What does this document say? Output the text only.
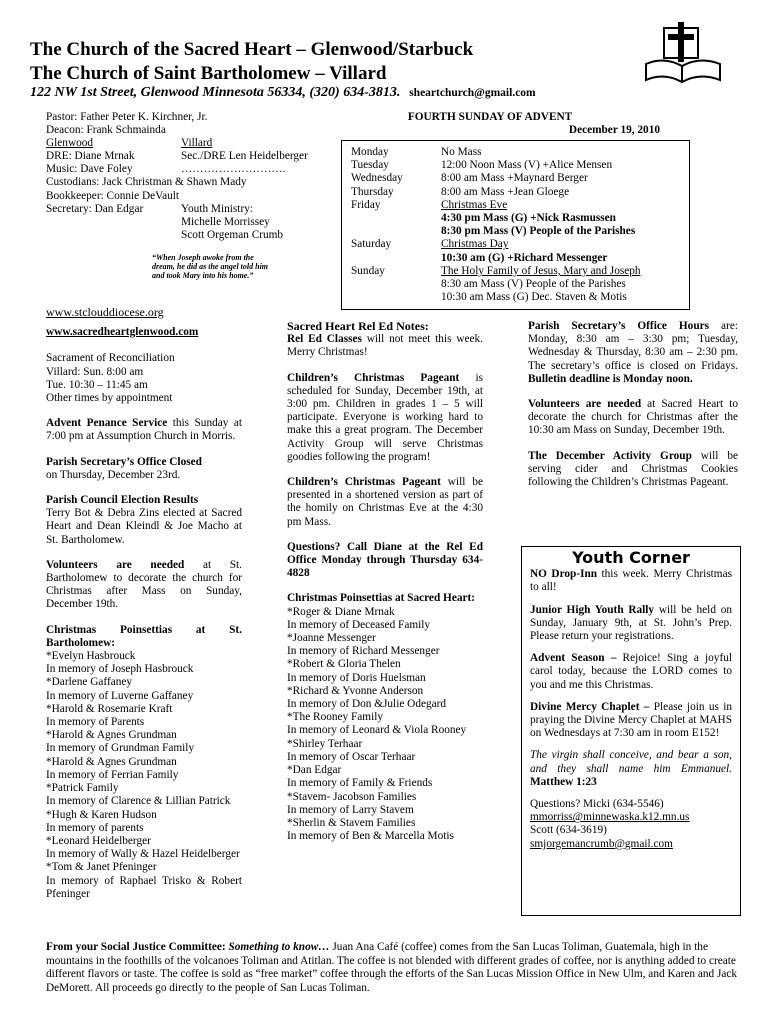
The Church of the Sacred Heart – Glenwood/Starbuck
The Church of Saint Bartholomew – Villard
122 NW 1st Street, Glenwood Minnesota 56334, (320) 634-3813. sheartchurch@gmail.com
Pastor: Father Peter K. Kirchner, Jr.
Deacon: Frank Schmainda
Glenwood	Villard
DRE: Diane Mrnak	Sec./DRE Len Heidelberger
Music: Dave Foley	……………………….
Custodians: Jack Christman & Shawn Mady
Bookkeeper: Connie DeVault
Secretary: Dan Edgar	Youth Ministry:
Michelle Morrissey
Scott Orgeman Crumb
“When Joseph awoke from the dream, he did as the angel told him and took Mary into his home.”
FOURTH SUNDAY OF ADVENT
December 19, 2010
Monday	No Mass
Tuesday	12:00 Noon Mass (V) +Alice Mensen
Wednesday	8:00 am Mass +Maynard Berger
Thursday	8:00 am Mass +Jean Gloege
Friday	Christmas Eve
4:30 pm Mass (G) +Nick Rasmussen
8:30 pm Mass (V) People of the Parishes
Saturday	Christmas Day
10:30 am (G) +Richard Messenger
Sunday	The Holy Family of Jesus, Mary and Joseph
8:30 am Mass (V) People of the Parishes
10:30 am Mass (G) Dec. Staven & Motis
www.stclouddiocese.org
www.sacredheartglenwood.com
Sacrament of Reconciliation
Villard: Sun. 8:00 am
Tue. 10:30 – 11:45 am

Other times by appointment

Advent Penance Service this Sunday at 7:00 pm at Assumption Church in Morris.

Parish Secretary’s Office Closed
on Thursday, December 23rd.

Parish Council Election Results
Terry Bot & Debra Zins elected at Sacred Heart and Dean Kleindl & Joe Macho at St. Bartholomew.

Volunteers are needed at St. Bartholomew to decorate the church for Christmas after Mass on Sunday, December 19th.

Christmas Poinsettias at St. Bartholomew:
*Evelyn Hasbrouck
In memory of Joseph Hasbrouck
*Darlene Gaffaney
In memory of Luverne Gaffaney
*Harold & Rosemarie Kraft
In memory of Parents
*Harold & Agnes Grundman
In memory of Grundman Family
*Harold & Agnes Grundman
In memory of Ferrian Family
*Patrick Family
In memory of Clarence & Lillian Patrick
*Hugh & Karen Hudson
In memory of parents
*Leonard Heidelberger
In memory of Wally & Hazel Heidelberger
*Tom & Janet Pfeninger
In memory of Raphael Trisko & Robert Pfeninger
Sacred Heart Rel Ed Notes:

Rel Ed Classes will not meet this week. Merry Christmas!

Children’s Christmas Pageant is scheduled for Sunday, December 19th, at 3:00 pm. Children in grades 1 – 5 will participate. Everyone is working hard to make this a great program. The December Activity Group will serve Christmas goodies following the program!

Children’s Christmas Pageant will be presented in a shortened version as part of the homily on Christmas Eve at the 4:30 pm Mass.

Questions? Call Diane at the Rel Ed Office Monday through Thursday 634-4828

Christmas Poinsettias at Sacred Heart:
*Roger & Diane Mrnak
In memory of Deceased Family
*Joanne Messenger
In memory of Richard Messenger
*Robert & Gloria Thelen
In memory of Doris Huelsman
*Richard & Yvonne Anderson
In memory of Don &Julie Odegard
*The Rooney Family
In memory of Leonard & Viola Rooney
*Shirley Terhaar
In memory of Oscar Terhaar
*Dan Edgar
In memory of Family & Friends
*Stavem- Jacobson Families
In memory of Larry Stavem
*Sherlin & Stavem Families
In memory of Ben & Marcella Motis

Parish Secretary’s Office Hours are: Monday, 8:30 am – 3:30 pm; Tuesday, Wednesday & Thursday, 8:30 am – 2:30 pm. The secretary’s office is closed on Fridays. Bulletin deadline is Monday noon.

Volunteers are needed at Sacred Heart to decorate the church for Christmas after the 10:30 am Mass on Sunday, December 19th.

The December Activity Group will be serving cider and Christmas Cookies following the Children’s Christmas Pageant.

Youth Corner

NO Drop-Inn this week. Merry Christmas to all!

Junior High Youth Rally will be held on Sunday, January 9th, at St. John’s Prep. Please return your registrations.

Advent Season – Rejoice! Sing a joyful carol today, because the LORD comes to you and me this Christmas.

Divine Mercy Chaplet – Please join us in praying the Divine Mercy Chaplet at MAHS on Wednesdays at 7:30 am in room E152!

The virgin shall conceive, and bear a son, and they shall name him Emmanuel. Matthew 1:23

Questions? Micki (634-5546)
mmorriss@minnewaska.k12.mn.us
Scott (634-3619)
smjorgemancrumb@gmail.com
From your Social Justice Committee: Something to know… Juan Ana Café (coffee) comes from the San Lucas Toliman, Guatemala, high in the mountains in the foothills of the volcanoes Toliman and Atitlan. The coffee is not blended with different grades of coffee, nor is anything added to create different flavors or taste. The coffee is sold as “free market” coffee through the efforts of the San Lucas Mission Office in New Ulm, and Karen and Jack DeMorett. All proceeds go directly to the people of San Lucas Toliman.
